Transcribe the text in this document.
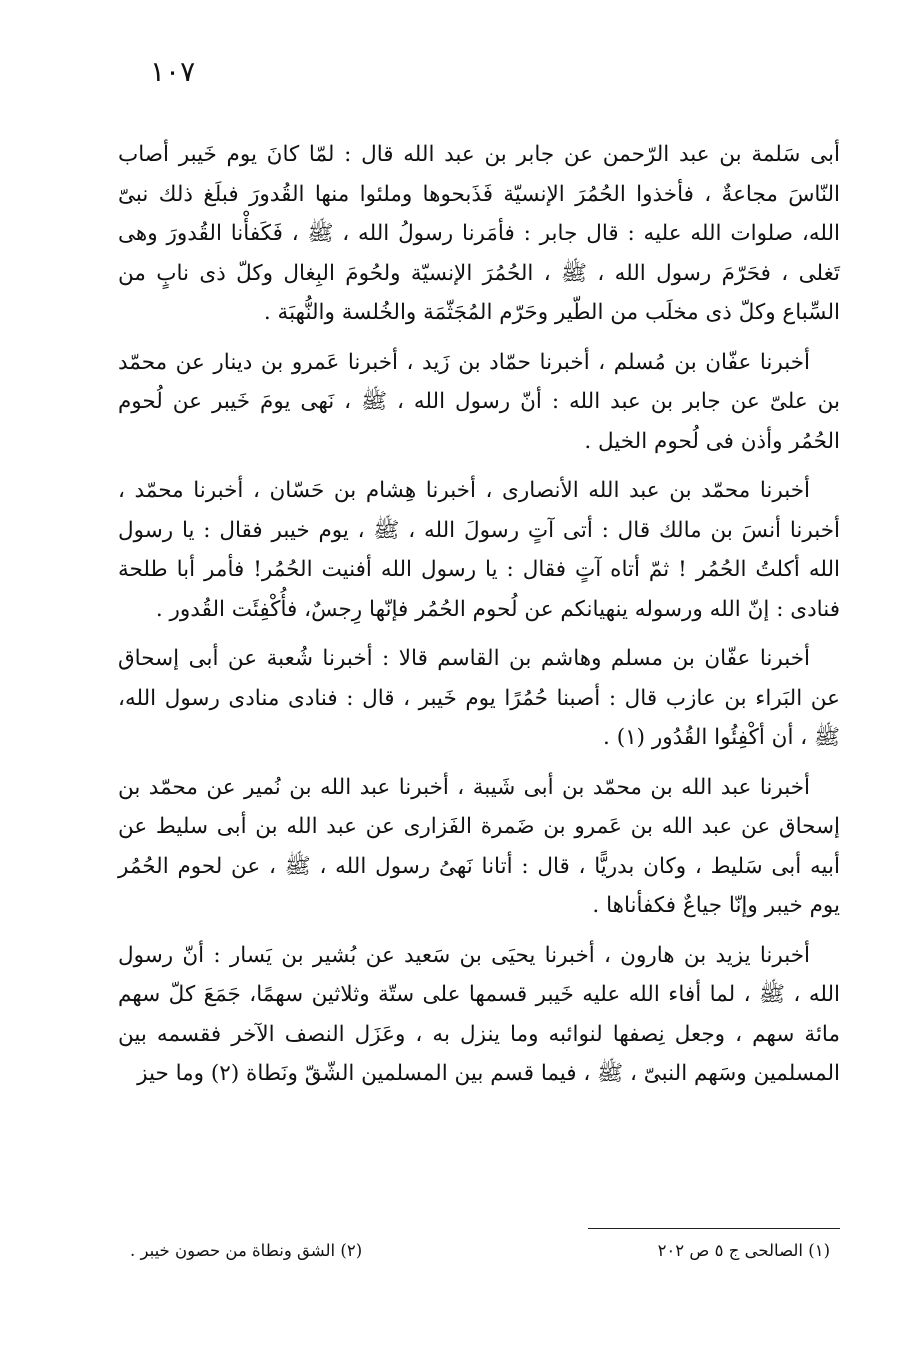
١٠٧

أبى سَلمة بن عبد الرّحمن عن جابر بن عبد الله قال : لمّا كانَ يوم خَيبر أصاب النّاسَ مجاعةٌ ، فأخذوا الحُمُرَ الإنسيّة فَذَبحوها وملئوا منها القُدورَ فبلَغ ذلك نبىّ الله، صلوات الله عليه : قال جابر : فأمَرنا رسولُ الله ، ﷺ ، فَكَفأْنا القُدورَ وهى تَغلى ، فحَرّمَ رسول الله ، ﷺ ، الحُمُرَ الإنسيّة ولحُومَ البِغال وكلّ ذى نابٍ من السِّباع وكلّ ذى مخلَب من الطّير وحَرّم المُجَثّمَة والخُلسة والنُّهبَة .

أخبرنا عفّان بن مُسلم ، أخبرنا حمّاد بن زَيد ، أخبرنا عَمرو بن دينار عن محمّد بن علىّ عن جابر بن عبد الله : أنّ رسول الله ، ﷺ ، نَهى يومَ خَيبر عن لُحوم الحُمُر وأذن فى لُحوم الخيل .

أخبرنا محمّد بن عبد الله الأنصارى ، أخبرنا هِشام بن حَسّان ، أخبرنا محمّد ، أخبرنا أنسَ بن مالك قال : أتى آتٍ رسولَ الله ، ﷺ ، يوم خيبر فقال : يا رسول الله أكلتُ الحُمُر ! ثمّ أتاه آتٍ فقال : يا رسول الله أفنيت الحُمُر! فأمر أبا طلحة فنادى : إنّ الله ورسوله ينهيانكم عن لُحوم الحُمُر فإنّها رِجسٌ، فأُكْفِئَت القُدور .

أخبرنا عفّان بن مسلم وهاشم بن القاسم قالا : أخبرنا شُعبة عن أبى إسحاق عن البَراء بن عازب قال : أصبنا حُمُرًا يوم خَيبر ، قال : فنادى منادى رسول الله، ﷺ ، أن أكْفِئُوا القُدُور (١) .

أخبرنا عبد الله بن محمّد بن أبى شَيبة ، أخبرنا عبد الله بن نُمير عن محمّد بن إسحاق عن عبد الله بن عَمرو بن ضَمرة الفَزارى عن عبد الله بن أبى سليط عن أبيه أبى سَليط ، وكان بدريًّا ، قال : أتانا نَهىُ رسول الله ، ﷺ ، عن لحوم الحُمُر يوم خيبر وإنّا جياعٌ فكفأناها .

أخبرنا يزيد بن هارون ، أخبرنا يحيَى بن سَعيد عن بُشير بن يَسار : أنّ رسول الله ، ﷺ ، لما أفاء الله عليه خَيبر قسمها على ستّة وثلاثين سهمًا، جَمَعَ كلّ سهم مائة سهم ، وجعل نِصفها لنوائبه وما ينزل به ، وعَزَل النصف الآخر فقسمه بين المسلمين وسَهم النبىّ ، ﷺ ، فيما قسم بين المسلمين الشّقّ ونَطاة (٢) وما حيز

(١) الصالحى ج ٥ ص ٢٠٢
(٢) الشق ونطاة من حصون خيبر .
